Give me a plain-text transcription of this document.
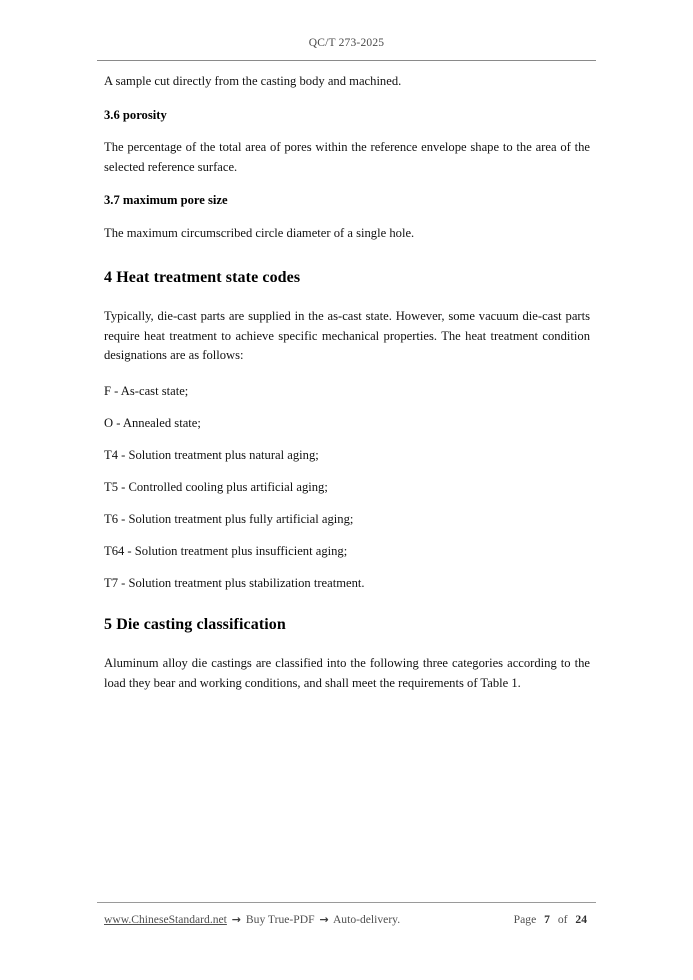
QC/T 273-2025

A sample cut directly from the casting body and machined.

3.6 porosity

The percentage of the total area of pores within the reference envelope shape to the area of the selected reference surface.

3.7 maximum pore size

The maximum circumscribed circle diameter of a single hole.

4 Heat treatment state codes

Typically, die-cast parts are supplied in the as-cast state. However, some vacuum die-cast parts require heat treatment to achieve specific mechanical properties. The heat treatment condition designations are as follows:

F - As-cast state;

O - Annealed state;

T4 - Solution treatment plus natural aging;

T5 - Controlled cooling plus artificial aging;

T6 - Solution treatment plus fully artificial aging;

T64 - Solution treatment plus insufficient aging;

T7 - Solution treatment plus stabilization treatment.

5 Die casting classification

Aluminum alloy die castings are classified into the following three categories according to the load they bear and working conditions, and shall meet the requirements of Table 1.

www.ChineseStandard.net → Buy True-PDF → Auto-delivery.	Page 7 of 24
